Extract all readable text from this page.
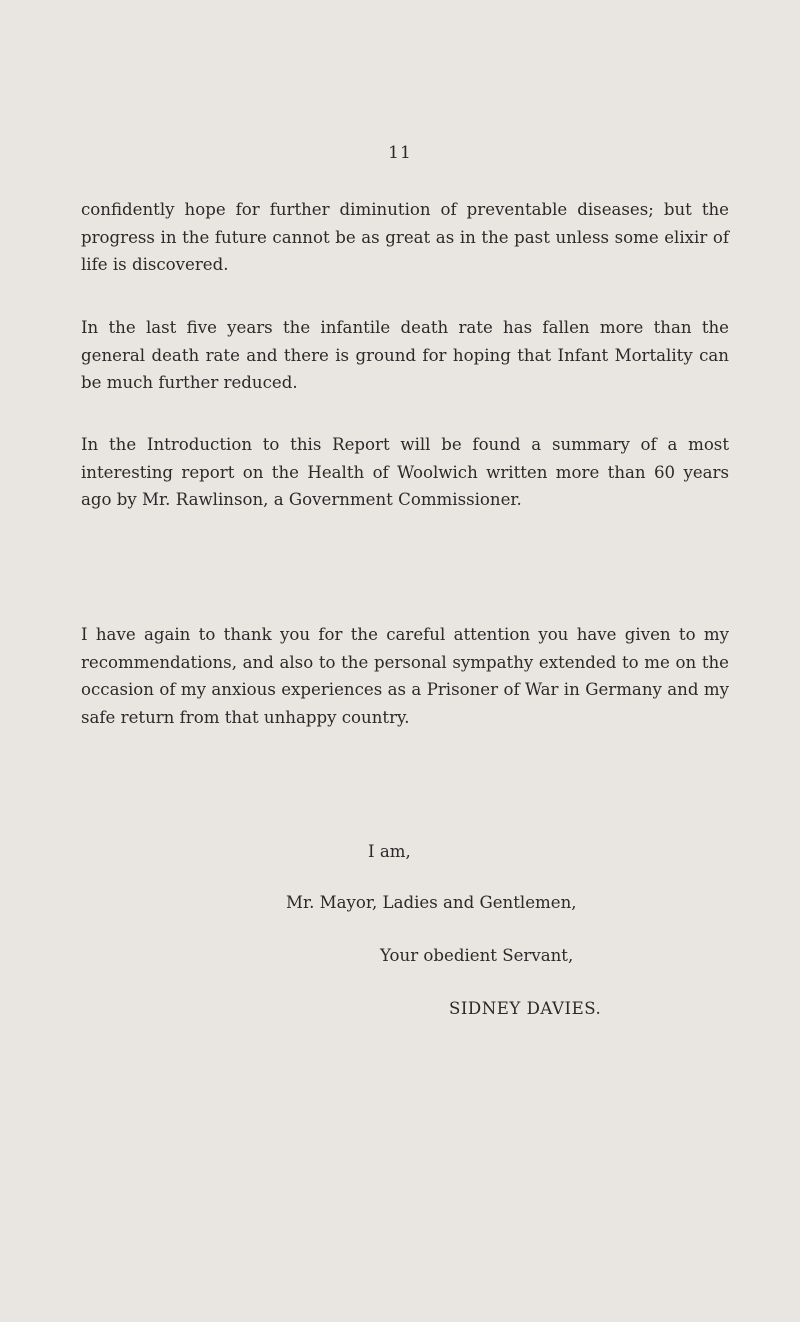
11

confidently hope for further diminution of preventable diseases; but the progress in the future cannot be as great as in the past unless some elixir of life is discovered.

In the last five years the infantile death rate has fallen more than the general death rate and there is ground for hoping that Infant Mortality can be much further reduced.

In the Introduction to this Report will be found a summary of a most interesting report on the Health of Woolwich written more than 60 years ago by Mr. Rawlinson, a Government Commissioner.

I have again to thank you for the careful attention you have given to my recommendations, and also to the personal sympathy extended to me on the occasion of my anxious experiences as a Prisoner of War in Germany and my safe return from that unhappy country.

I am,

Mr. Mayor, Ladies and Gentlemen,

Your obedient Servant,

SIDNEY DAVIES.
